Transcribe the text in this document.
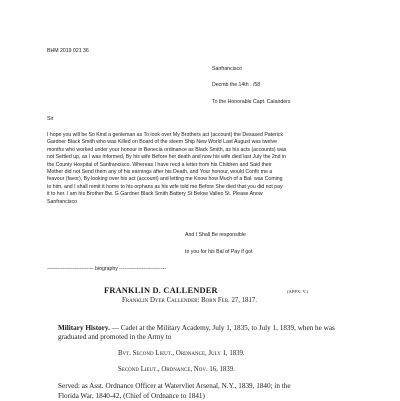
BHM 2019 021 36
Sanfrancisco
Decmb the 14th . /58
To the Honorable Capt. Calanders
Sir
I hope you will be So Kind a genleman as To look over My Brothers act (account) the Desased Paterick
Gardner Black Smith who was Killed on Board of the steem Ship New World Last August was twelve
months who worked under your honour in Benecia ordinance as Black Smith, as his acts (accounts) was
not Settled up, as I was Informed, By his wife Before her death and now his wife died last July the 2nd in
the County Hospital of Sanfrancisco. Whereas I have recd a letter from his Children and Said their
Mother did not Send them any of his earnings after his Death, and Your honour, would Confir me a
feavour (favor), By looking over his act (account) and letting me Know how Much of a Bal. was Coming
to him, and I shall remit it home to his orphans as his wife told me Before She died that you did not pay
it to her. I am his Brother Bw. G Gardner Black Smith Battery St Below Valleo St. Please Anow
Sanfrancisco
And I Shall Be responsible
to you for his Bal of Pay if got
--------------------------- biography ---------------------------
FRANKLIN D. CALLENDER	(APPX. V.)
Franklin Dyer Callender: Born Feb. 27, 1817.
Military History. — Cadet at the Military Academy, July 1, 1835, to July 1, 1839, when he was graduated and promoted in the Army to
Bvt. Second Lieut., Ordnance, July 1, 1839.
Second Lieut., Ordnance, Nov. 16, 1839.
Served: as Asst. Ordnance Officer at Watervliet Arsenal, N.Y., 1839, 1840; in the
Florida War, 1840-42, (Chief of Ordnance to 1841)
